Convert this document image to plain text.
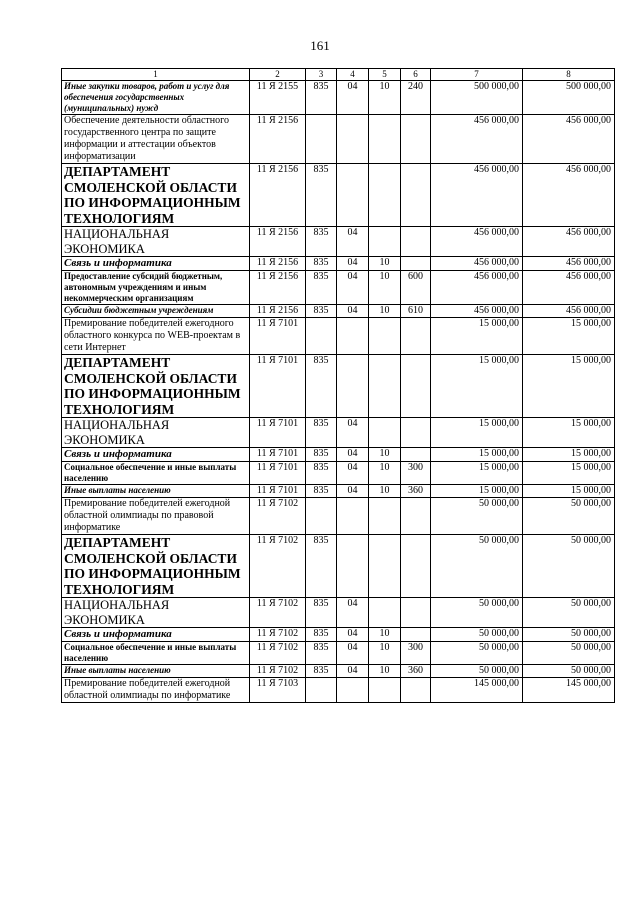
161
1	2	3	4	5	6	7	8
Иные закупки товаров, работ и услуг для обеспечения государственных (муниципальных) нужд	11 Я 2155	835	04	10	240	500 000,00	500 000,00
Обеспечение деятельности областного государственного центра по защите информации и аттестации объектов информатизации	11 Я 2156					456 000,00	456 000,00
ДЕПАРТАМЕНТ СМОЛЕНСКОЙ ОБЛАСТИ ПО ИНФОРМАЦИОННЫМ ТЕХНОЛОГИЯМ	11 Я 2156	835				456 000,00	456 000,00
НАЦИОНАЛЬНАЯ ЭКОНОМИКА	11 Я 2156	835	04			456 000,00	456 000,00
Связь и информатика	11 Я 2156	835	04	10		456 000,00	456 000,00
Предоставление субсидий бюджетным, автономным учреждениям и иным некоммерческим организациям	11 Я 2156	835	04	10	600	456 000,00	456 000,00
Субсидии бюджетным учреждениям	11 Я 2156	835	04	10	610	456 000,00	456 000,00
Премирование победителей ежегодного областного конкурса по WEB-проектам в сети Интернет	11 Я 7101					15 000,00	15 000,00
ДЕПАРТАМЕНТ СМОЛЕНСКОЙ ОБЛАСТИ ПО ИНФОРМАЦИОННЫМ ТЕХНОЛОГИЯМ	11 Я 7101	835				15 000,00	15 000,00
НАЦИОНАЛЬНАЯ ЭКОНОМИКА	11 Я 7101	835	04			15 000,00	15 000,00
Связь и информатика	11 Я 7101	835	04	10		15 000,00	15 000,00
Социальное обеспечение и иные выплаты населению	11 Я 7101	835	04	10	300	15 000,00	15 000,00
Иные выплаты населению	11 Я 7101	835	04	10	360	15 000,00	15 000,00
Премирование победителей ежегодной областной олимпиады по правовой информатике	11 Я 7102					50 000,00	50 000,00
ДЕПАРТАМЕНТ СМОЛЕНСКОЙ ОБЛАСТИ ПО ИНФОРМАЦИОННЫМ ТЕХНОЛОГИЯМ	11 Я 7102	835				50 000,00	50 000,00
НАЦИОНАЛЬНАЯ ЭКОНОМИКА	11 Я 7102	835	04			50 000,00	50 000,00
Связь и информатика	11 Я 7102	835	04	10		50 000,00	50 000,00
Социальное обеспечение и иные выплаты населению	11 Я 7102	835	04	10	300	50 000,00	50 000,00
Иные выплаты населению	11 Я 7102	835	04	10	360	50 000,00	50 000,00
Премирование победителей ежегодной областной олимпиады по информатике	11 Я 7103					145 000,00	145 000,00
